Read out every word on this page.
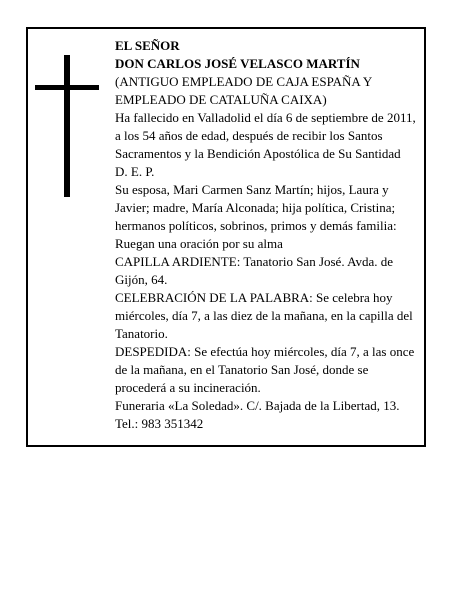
EL SEÑOR

DON CARLOS JOSÉ VELASCO MARTÍN

(ANTIGUO EMPLEADO DE CAJA ESPAÑA Y EMPLEADO DE CATALUÑA CAIXA)

Ha fallecido en Valladolid el día 6 de septiembre de 2011, a los 54 años de edad, después de recibir los Santos Sacramentos y la Bendición Apostólica de Su Santidad

D. E. P.

Su esposa, Mari Carmen Sanz Martín; hijos, Laura y Javier; madre, María Alconada; hija política, Cristina; hermanos políticos, sobrinos, primos y demás familia:

Ruegan una oración por su alma

CAPILLA ARDIENTE: Tanatorio San José. Avda. de Gijón, 64.

CELEBRACIÓN DE LA PALABRA: Se celebra hoy miércoles, día 7, a las diez de la mañana, en la capilla del Tanatorio.

DESPEDIDA: Se efectúa hoy miércoles, día 7, a las once de la mañana, en el Tanatorio San José, donde se procederá a su incineración.

Funeraria «La Soledad». C/. Bajada de la Libertad, 13. Tel.: 983 351342
